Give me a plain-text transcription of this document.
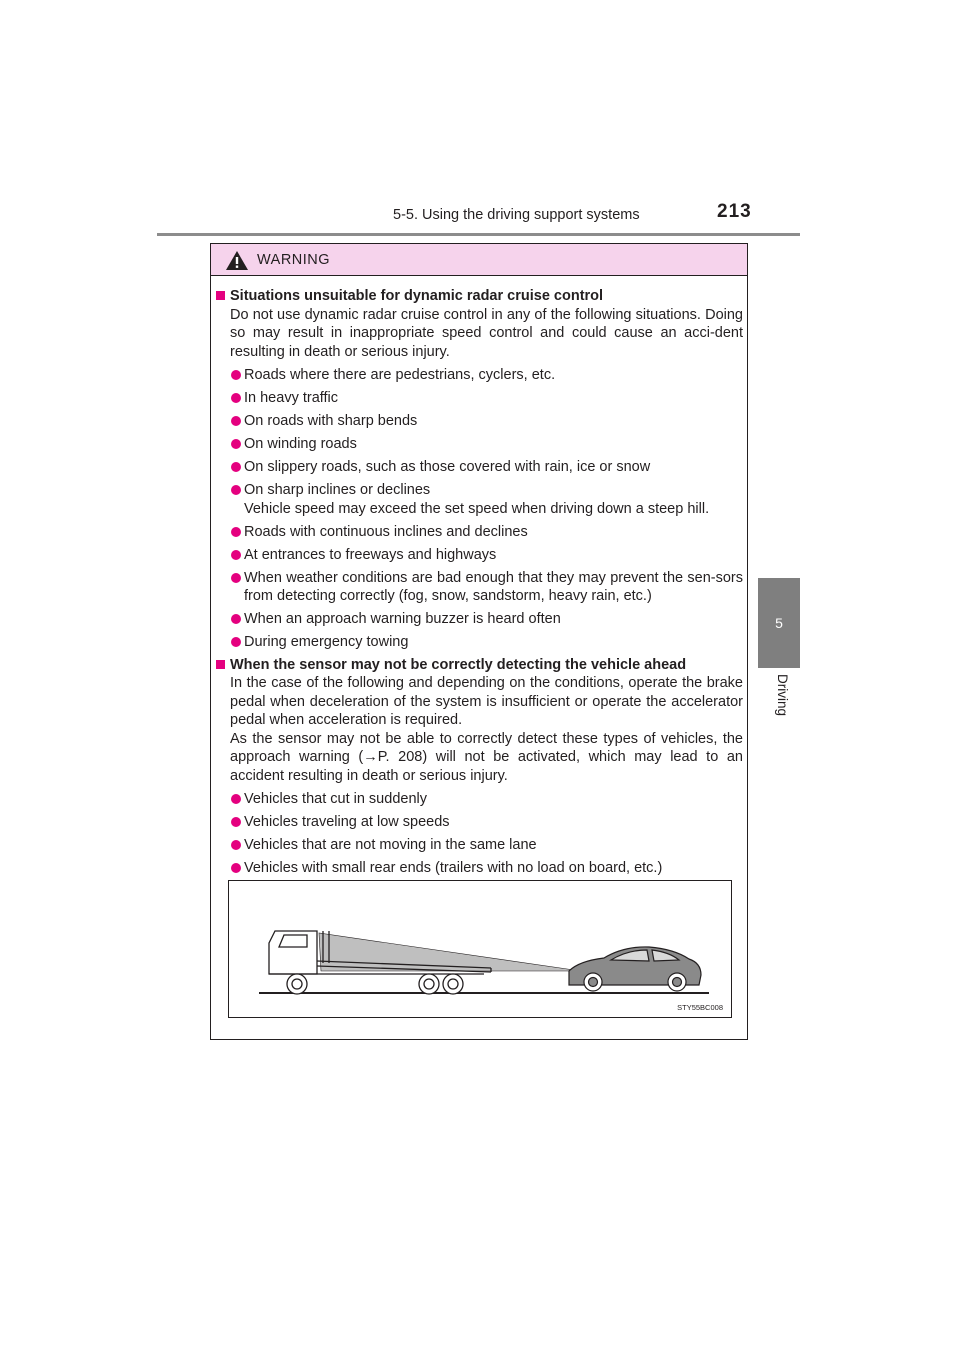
5-5. Using the driving support systems	213
5
Driving
WARNING

Situations unsuitable for dynamic radar cruise control

Do not use dynamic radar cruise control in any of the following situations. Doing so may result in inappropriate speed control and could cause an acci-dent resulting in death or serious injury.

Roads where there are pedestrians, cyclers, etc.
In heavy traffic
On roads with sharp bends
On winding roads
On slippery roads, such as those covered with rain, ice or snow
On sharp inclines or declines
Vehicle speed may exceed the set speed when driving down a steep hill.
Roads with continuous inclines and declines
At entrances to freeways and highways
When weather conditions are bad enough that they may prevent the sen-sors from detecting correctly (fog, snow, sandstorm, heavy rain, etc.)
When an approach warning buzzer is heard often
During emergency towing

When the sensor may not be correctly detecting the vehicle ahead

In the case of the following and depending on the conditions, operate the brake pedal when deceleration of the system is insufficient or operate the accelerator pedal when acceleration is required.

As the sensor may not be able to correctly detect these types of vehicles, the approach warning (→P. 208) will not be activated, which may lead to an accident resulting in death or serious injury.

Vehicles that cut in suddenly
Vehicles traveling at low speeds
Vehicles that are not moving in the same lane
Vehicles with small rear ends (trailers with no load on board, etc.)
STY55BC008
